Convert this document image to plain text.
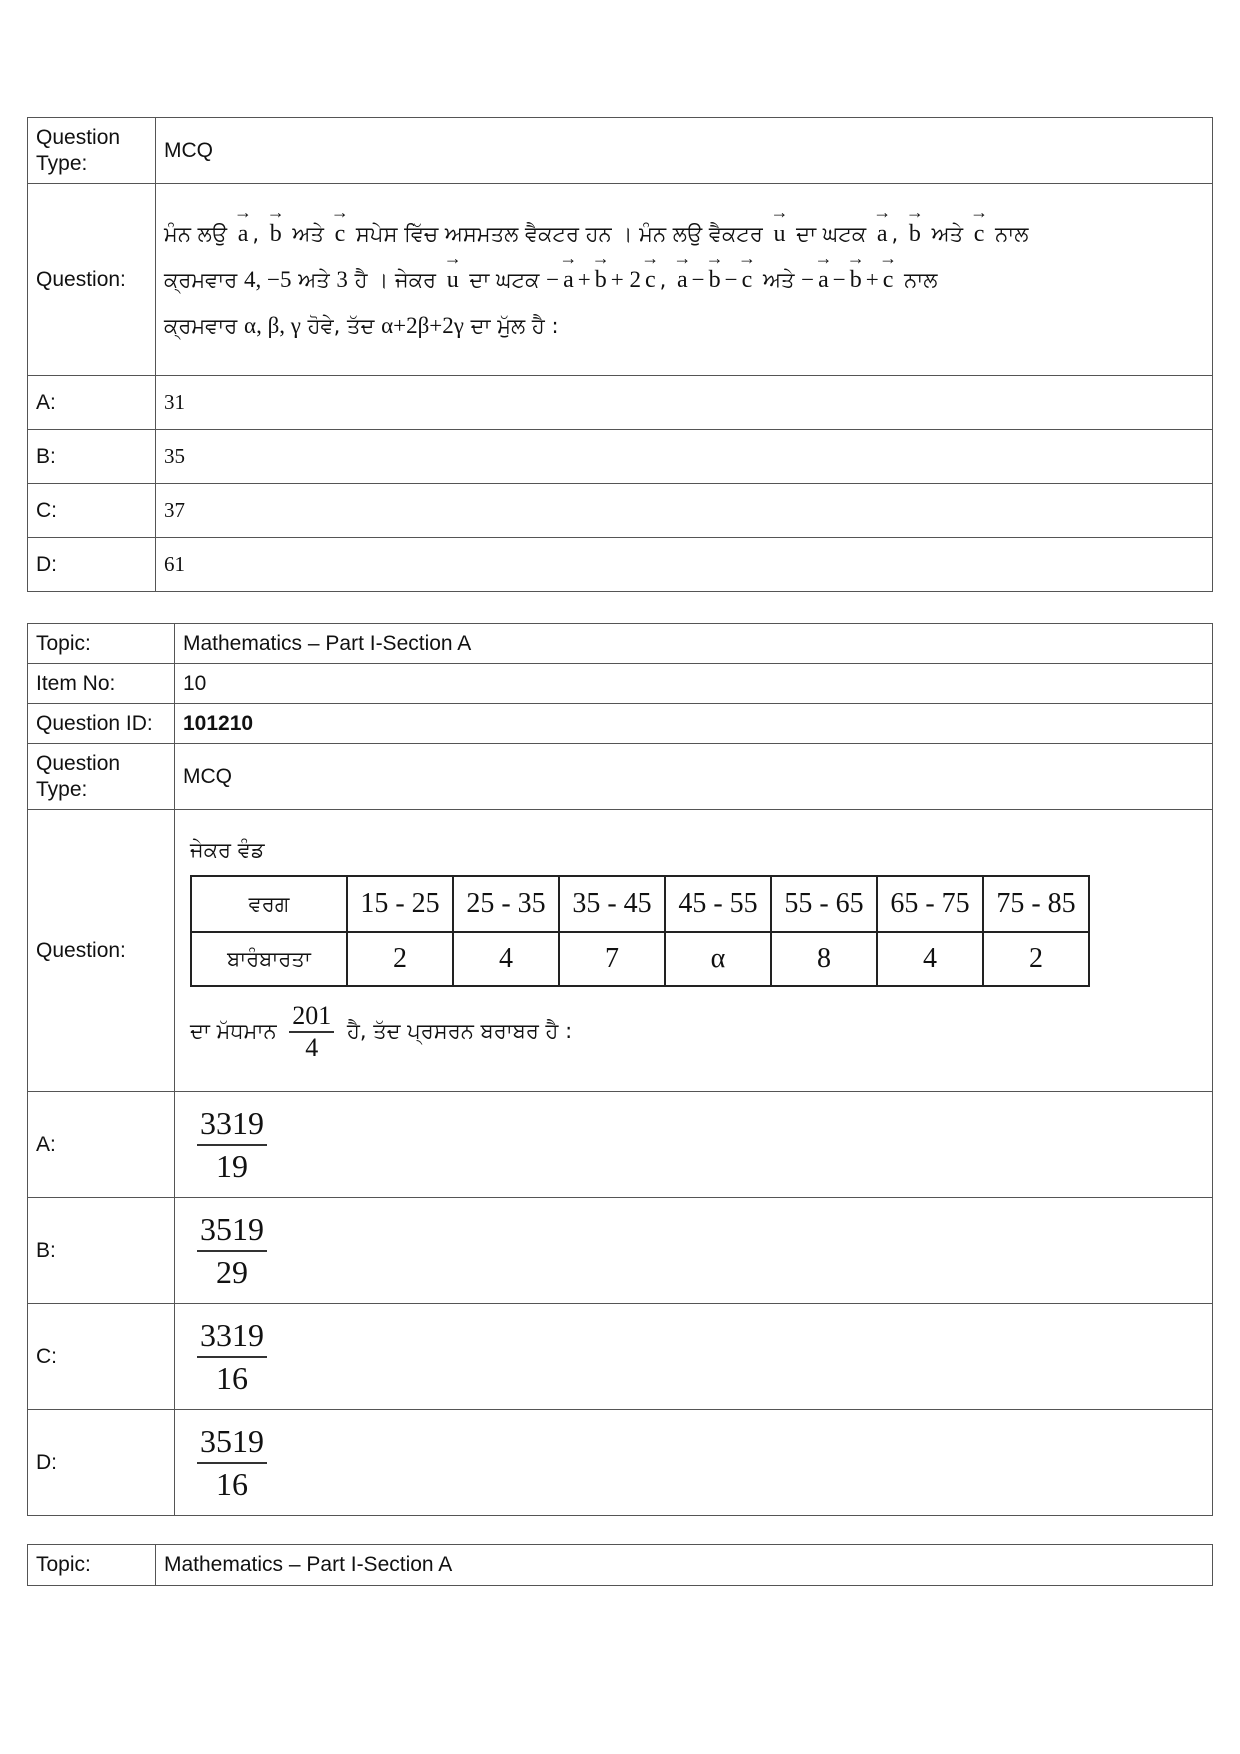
Question Type:	MCQ
Question:	ਮੰਨ ਲਉ → a , → b ਅਤੇ → c ਸਪੇਸ ਵਿੱਚ ਅਸਮਤਲ ਵੈਕਟਰ ਹਨ । ਮੰਨ ਲਉ ਵੈਕਟਰ → u ਦਾ ਘਟਕ → a , → b ਅਤੇ → c ਨਾਲ
ਕ੍ਰਮਵਾਰ 4, −5 ਅਤੇ 3 ਹੈ । ਜੇਕਰ → u ਦਾ ਘਟਕ − → a + → b + 2 → c , → a − → b − → c ਅਤੇ − → a − → b + → c ਨਾਲ
ਕ੍ਰਮਵਾਰ α, β, γ ਹੋਵੇ, ਤੱਦ α+2β+2γ ਦਾ ਮੁੱਲ ਹੈ :

A:	31
B:	35
C:	37
D:	61
Topic:	Mathematics – Part I-Section A
Item No:	10
Question ID:	101210
Question Type:	MCQ
Question:	
ਜੇਕਰ ਵੰਡ
ਵਰਗ	15 - 25	25 - 35	35 - 45	45 - 55	55 - 65	65 - 75	75 - 85
ਬਾਰੰਬਾਰਤਾ	2	4	7	α	8	4	2
ਦਾ ਮੱਧਮਾਨ $\frac{201}{4}$ ਹੈ, ਤੱਦ ਪ੍ਰਸਰਨ ਬਰਾਬਰ ਹੈ :

A:	$\frac{3319}{19}$

B:	$\frac{3519}{29}$

C:	$\frac{3319}{16}$

D:	$\frac{3519}{16}$
Topic:	Mathematics – Part I-Section A
